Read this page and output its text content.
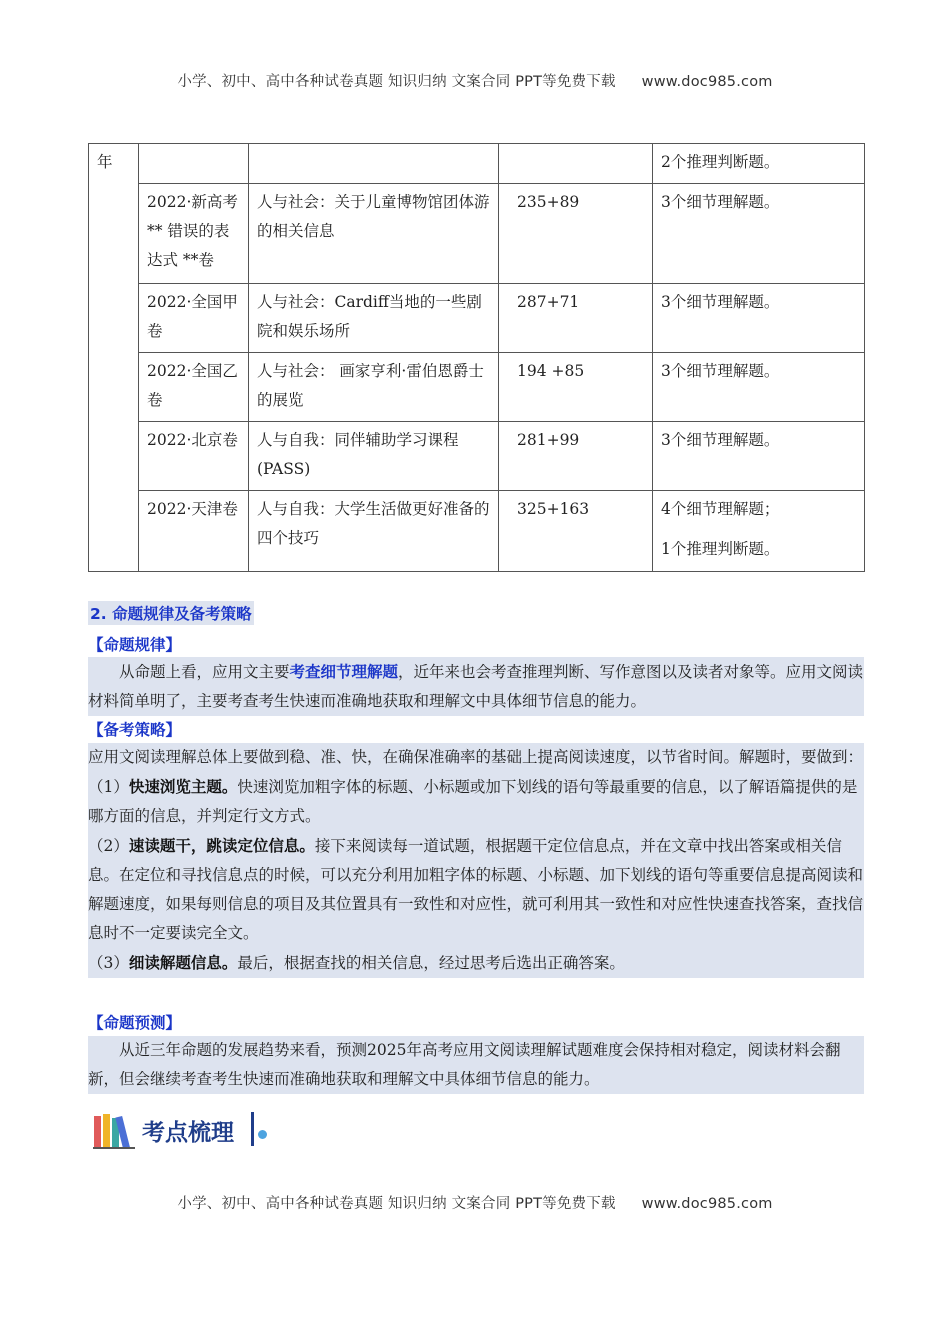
小学、初中、高中各种试卷真题 知识归纳 文案合同 PPT等免费下载 www.doc985.com
年				2个推理判断题。
	2022·新高考 ** 错误的表达式 **卷	人与社会：关于儿童博物馆团体游的相关信息	235+89	3个细节理解题。
	2022·全国甲卷	人与社会：Cardiff当地的一些剧院和娱乐场所	287+71	3个细节理解题。
	2022·全国乙卷	人与社会： 画家亨利·雷伯恩爵士的展览	194 +85	3个细节理解题。
	2022·北京卷	人与自我：同伴辅助学习课程(PASS)	281+99	3个细节理解题。
	2022·天津卷	人与自我：大学生活做更好准备的四个技巧	325+163	4个细节理解题；
1个推理判断题。
2. 命题规律及备考策略
【命题规律】

从命题上看，应用文主要考查细节理解题，近年来也会考查推理判断、写作意图以及读者对象等。应用文阅读材料简单明了，主要考查考生快速而准确地获取和理解文中具体细节信息的能力。

【备考策略】

应用文阅读理解总体上要做到稳、准、快，在确保准确率的基础上提高阅读速度，以节省时间。解题时，要做到：

（1）快速浏览主题。快速浏览加粗字体的标题、小标题或加下划线的语句等最重要的信息，以了解语篇提供的是哪方面的信息，并判定行文方式。

（2）速读题干，跳读定位信息。接下来阅读每一道试题，根据题干定位信息点，并在文章中找出答案或相关信息。在定位和寻找信息点的时候，可以充分利用加粗字体的标题、小标题、加下划线的语句等重要信息提高阅读和解题速度，如果每则信息的项目及其位置具有一致性和对应性，就可利用其一致性和对应性快速查找答案，查找信息时不一定要读完全文。

（3）细读解题信息。最后，根据查找的相关信息，经过思考后选出正确答案。

【命题预测】

从近三年命题的发展趋势来看，预测2025年高考应用文阅读理解试题难度会保持相对稳定，阅读材料会翻新，但会继续考查考生快速而准确地获取和理解文中具体细节信息的能力。

考点梳理
小学、初中、高中各种试卷真题 知识归纳 文案合同 PPT等免费下载 www.doc985.com
